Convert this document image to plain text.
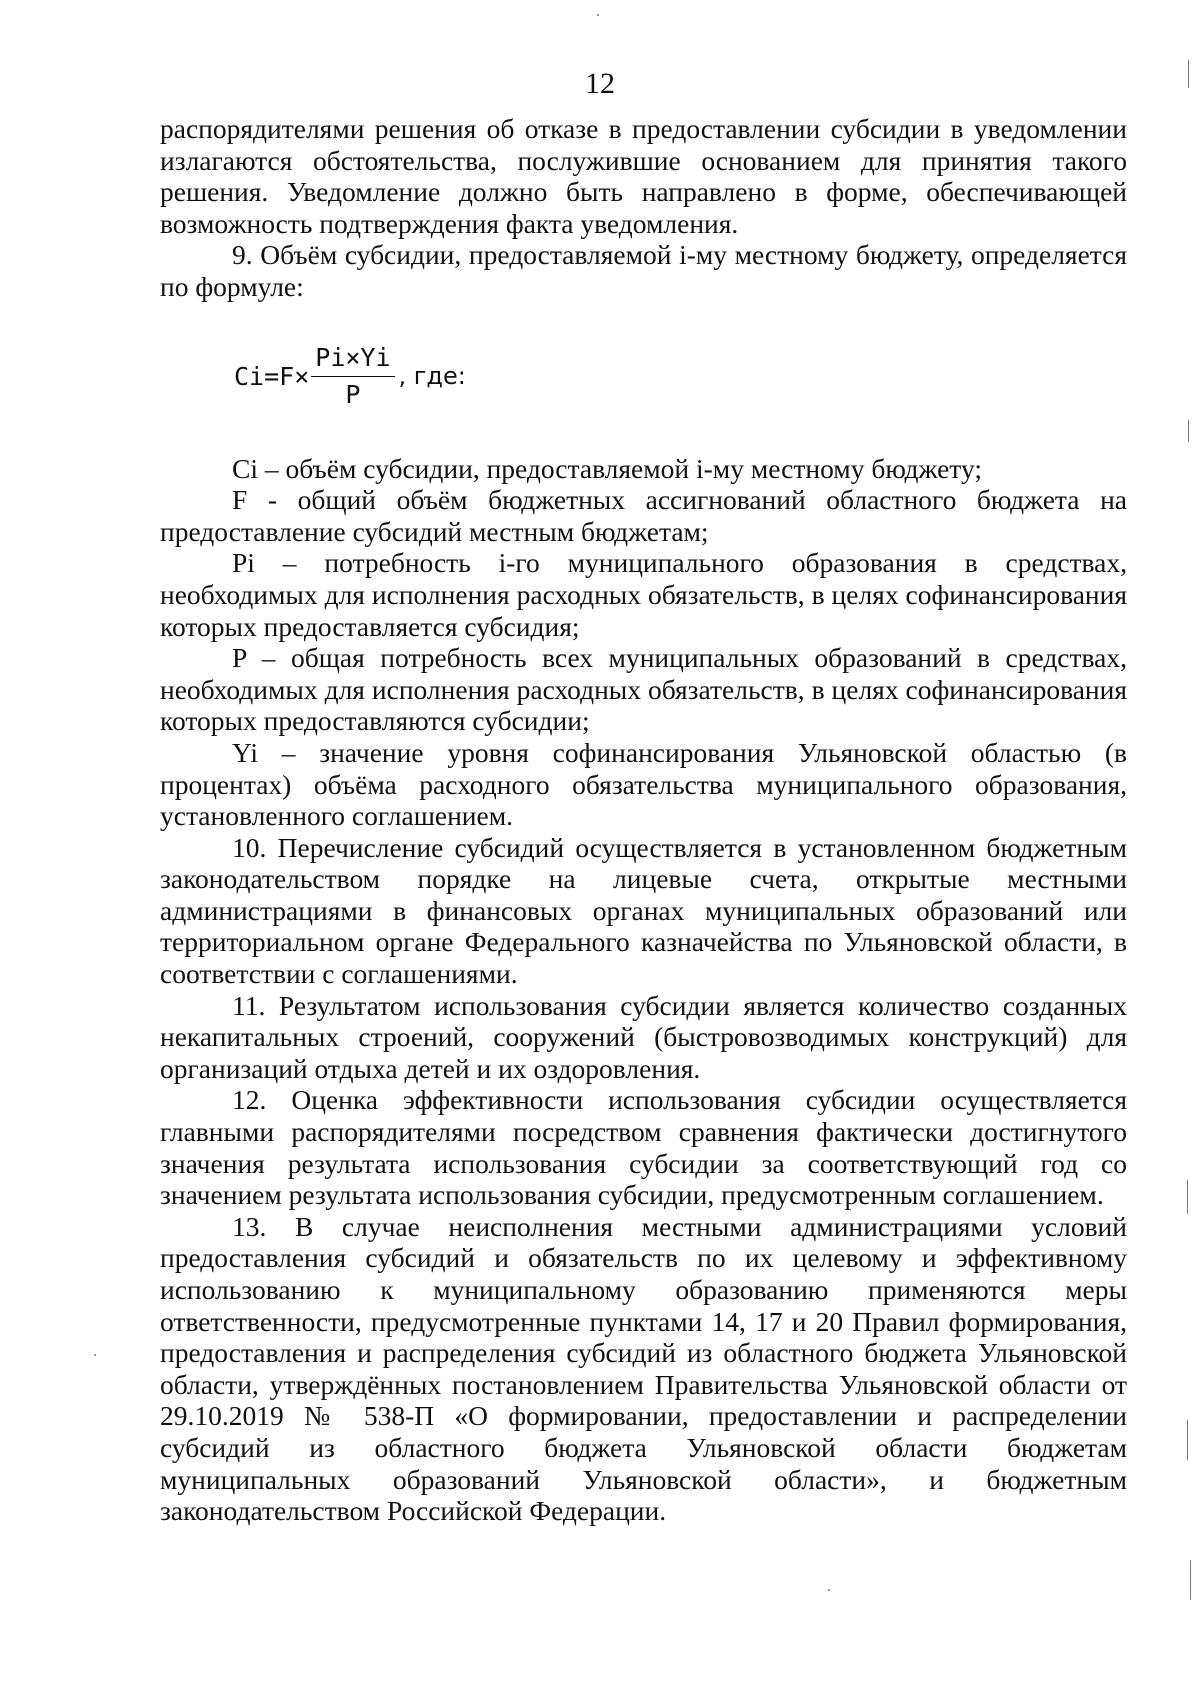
12

распорядителями решения об отказе в предоставлении субсидии в уведомлении излагаются обстоятельства, послужившие основанием для принятия такого решения. Уведомление должно быть направлено в форме, обеспечивающей возможность подтверждения факта уведомления.

9. Объём субсидии, предоставляемой i-му местному бюджету, определяется по формуле:

$Ci=F\times \frac{Pi\times Yi}{P}$ , где:

Ci – объём субсидии, предоставляемой i-му местному бюджету;

F - общий объём бюджетных ассигнований областного бюджета на предоставление субсидий местным бюджетам;

Pi – потребность i-го муниципального образования в средствах, необходимых для исполнения расходных обязательств, в целях софинансирования которых предоставляется субсидия;

P – общая потребность всех муниципальных образований в средствах, необходимых для исполнения расходных обязательств, в целях софинансирования которых предоставляются субсидии;

Yi – значение уровня софинансирования Ульяновской областью (в процентах) объёма расходного обязательства муниципального образования, установленного соглашением.

10. Перечисление субсидий осуществляется в установленном бюджетным законодательством порядке на лицевые счета, открытые местными администрациями в финансовых органах муниципальных образований или территориальном органе Федерального казначейства по Ульяновской области, в соответствии с соглашениями.

11. Результатом использования субсидии является количество созданных некапитальных строений, сооружений (быстровозводимых конструкций) для организаций отдыха детей и их оздоровления.

12. Оценка эффективности использования субсидии осуществляется главными распорядителями посредством сравнения фактически достигнутого значения результата использования субсидии за соответствующий год со значением результата использования субсидии, предусмотренным соглашением.

13. В случае неисполнения местными администрациями условий предоставления субсидий и обязательств по их целевому и эффективному использованию к муниципальному образованию применяются меры ответственности, предусмотренные пунктами 14, 17 и 20 Правил формирования, предоставления и распределения субсидий из областного бюджета Ульяновской области, утверждённых постановлением Правительства Ульяновской области от 29.10.2019 № 538-П «О формировании, предоставлении и распределении субсидий из областного бюджета Ульяновской области бюджетам муниципальных образований Ульяновской области», и бюджетным законодательством Российской Федерации.
